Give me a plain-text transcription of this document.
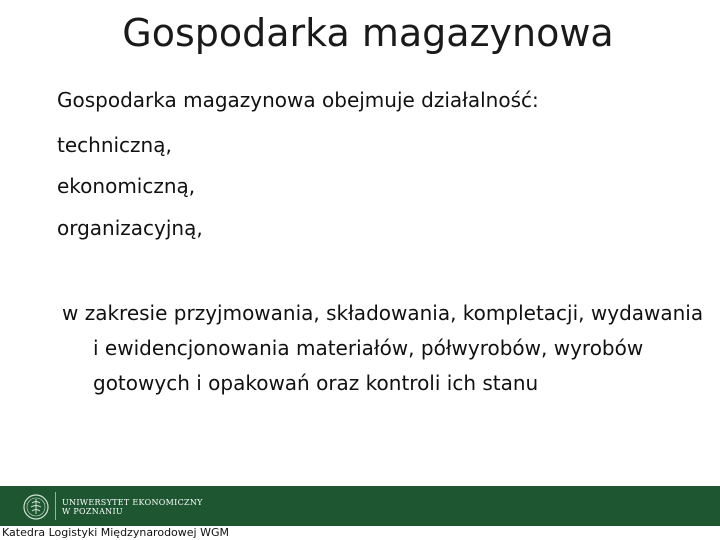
Gospodarka magazynowa
Gospodarka magazynowa obejmuje działalność:
techniczną,
ekonomiczną,
organizacyjną,
w zakresie przyjmowania, składowania, kompletacji, wydawania i ewidencjonowania materiałów, półwyrobów, wyrobów gotowych i opakowań oraz kontroli ich stanu
UNIWERSYTET EKONOMICZNY
W POZNANIU
Katedra Logistyki Międzynarodowej WGM
